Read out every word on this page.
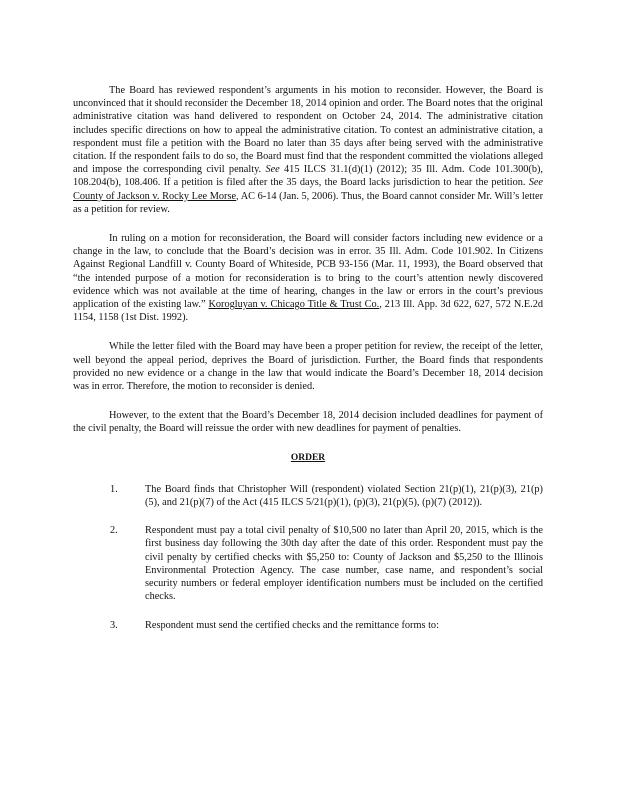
The Board has reviewed respondent’s arguments in his motion to reconsider. However, the Board is unconvinced that it should reconsider the December 18, 2014 opinion and order. The Board notes that the original administrative citation was hand delivered to respondent on October 24, 2014. The administrative citation includes specific directions on how to appeal the administrative citation. To contest an administrative citation, a respondent must file a petition with the Board no later than 35 days after being served with the administrative citation. If the respondent fails to do so, the Board must find that the respondent committed the violations alleged and impose the corresponding civil penalty. See 415 ILCS 31.1(d)(1) (2012); 35 Ill. Adm. Code 101.300(b), 108.204(b), 108.406. If a petition is filed after the 35 days, the Board lacks jurisdiction to hear the petition. See County of Jackson v. Rocky Lee Morse, AC 6-14 (Jan. 5, 2006). Thus, the Board cannot consider Mr. Will’s letter as a petition for review.

In ruling on a motion for reconsideration, the Board will consider factors including new evidence or a change in the law, to conclude that the Board’s decision was in error. 35 Ill. Adm. Code 101.902. In Citizens Against Regional Landfill v. County Board of Whiteside, PCB 93-156 (Mar. 11, 1993), the Board observed that “the intended purpose of a motion for reconsideration is to bring to the court’s attention newly discovered evidence which was not available at the time of hearing, changes in the law or errors in the court’s previous application of the existing law.” Korogluyan v. Chicago Title & Trust Co., 213 Ill. App. 3d 622, 627, 572 N.E.2d 1154, 1158 (1st Dist. 1992).

While the letter filed with the Board may have been a proper petition for review, the receipt of the letter, well beyond the appeal period, deprives the Board of jurisdiction. Further, the Board finds that respondents provided no new evidence or a change in the law that would indicate the Board’s December 18, 2014 decision was in error. Therefore, the motion to reconsider is denied.

However, to the extent that the Board’s December 18, 2014 decision included deadlines for payment of the civil penalty, the Board will reissue the order with new deadlines for payment of penalties.

ORDER
1.	The Board finds that Christopher Will (respondent) violated Section 21(p)(1), 21(p)(3), 21(p)(5), and 21(p)(7) of the Act (415 ILCS 5/21(p)(1), (p)(3), 21(p)(5), (p)(7) (2012)).
2.	Respondent must pay a total civil penalty of $10,500 no later than April 20, 2015, which is the first business day following the 30th day after the date of this order. Respondent must pay the civil penalty by certified checks with $5,250 to: County of Jackson and $5,250 to the Illinois Environmental Protection Agency. The case number, case name, and respondent’s social security numbers or federal employer identification numbers must be included on the certified checks.
3.	Respondent must send the certified checks and the remittance forms to:
